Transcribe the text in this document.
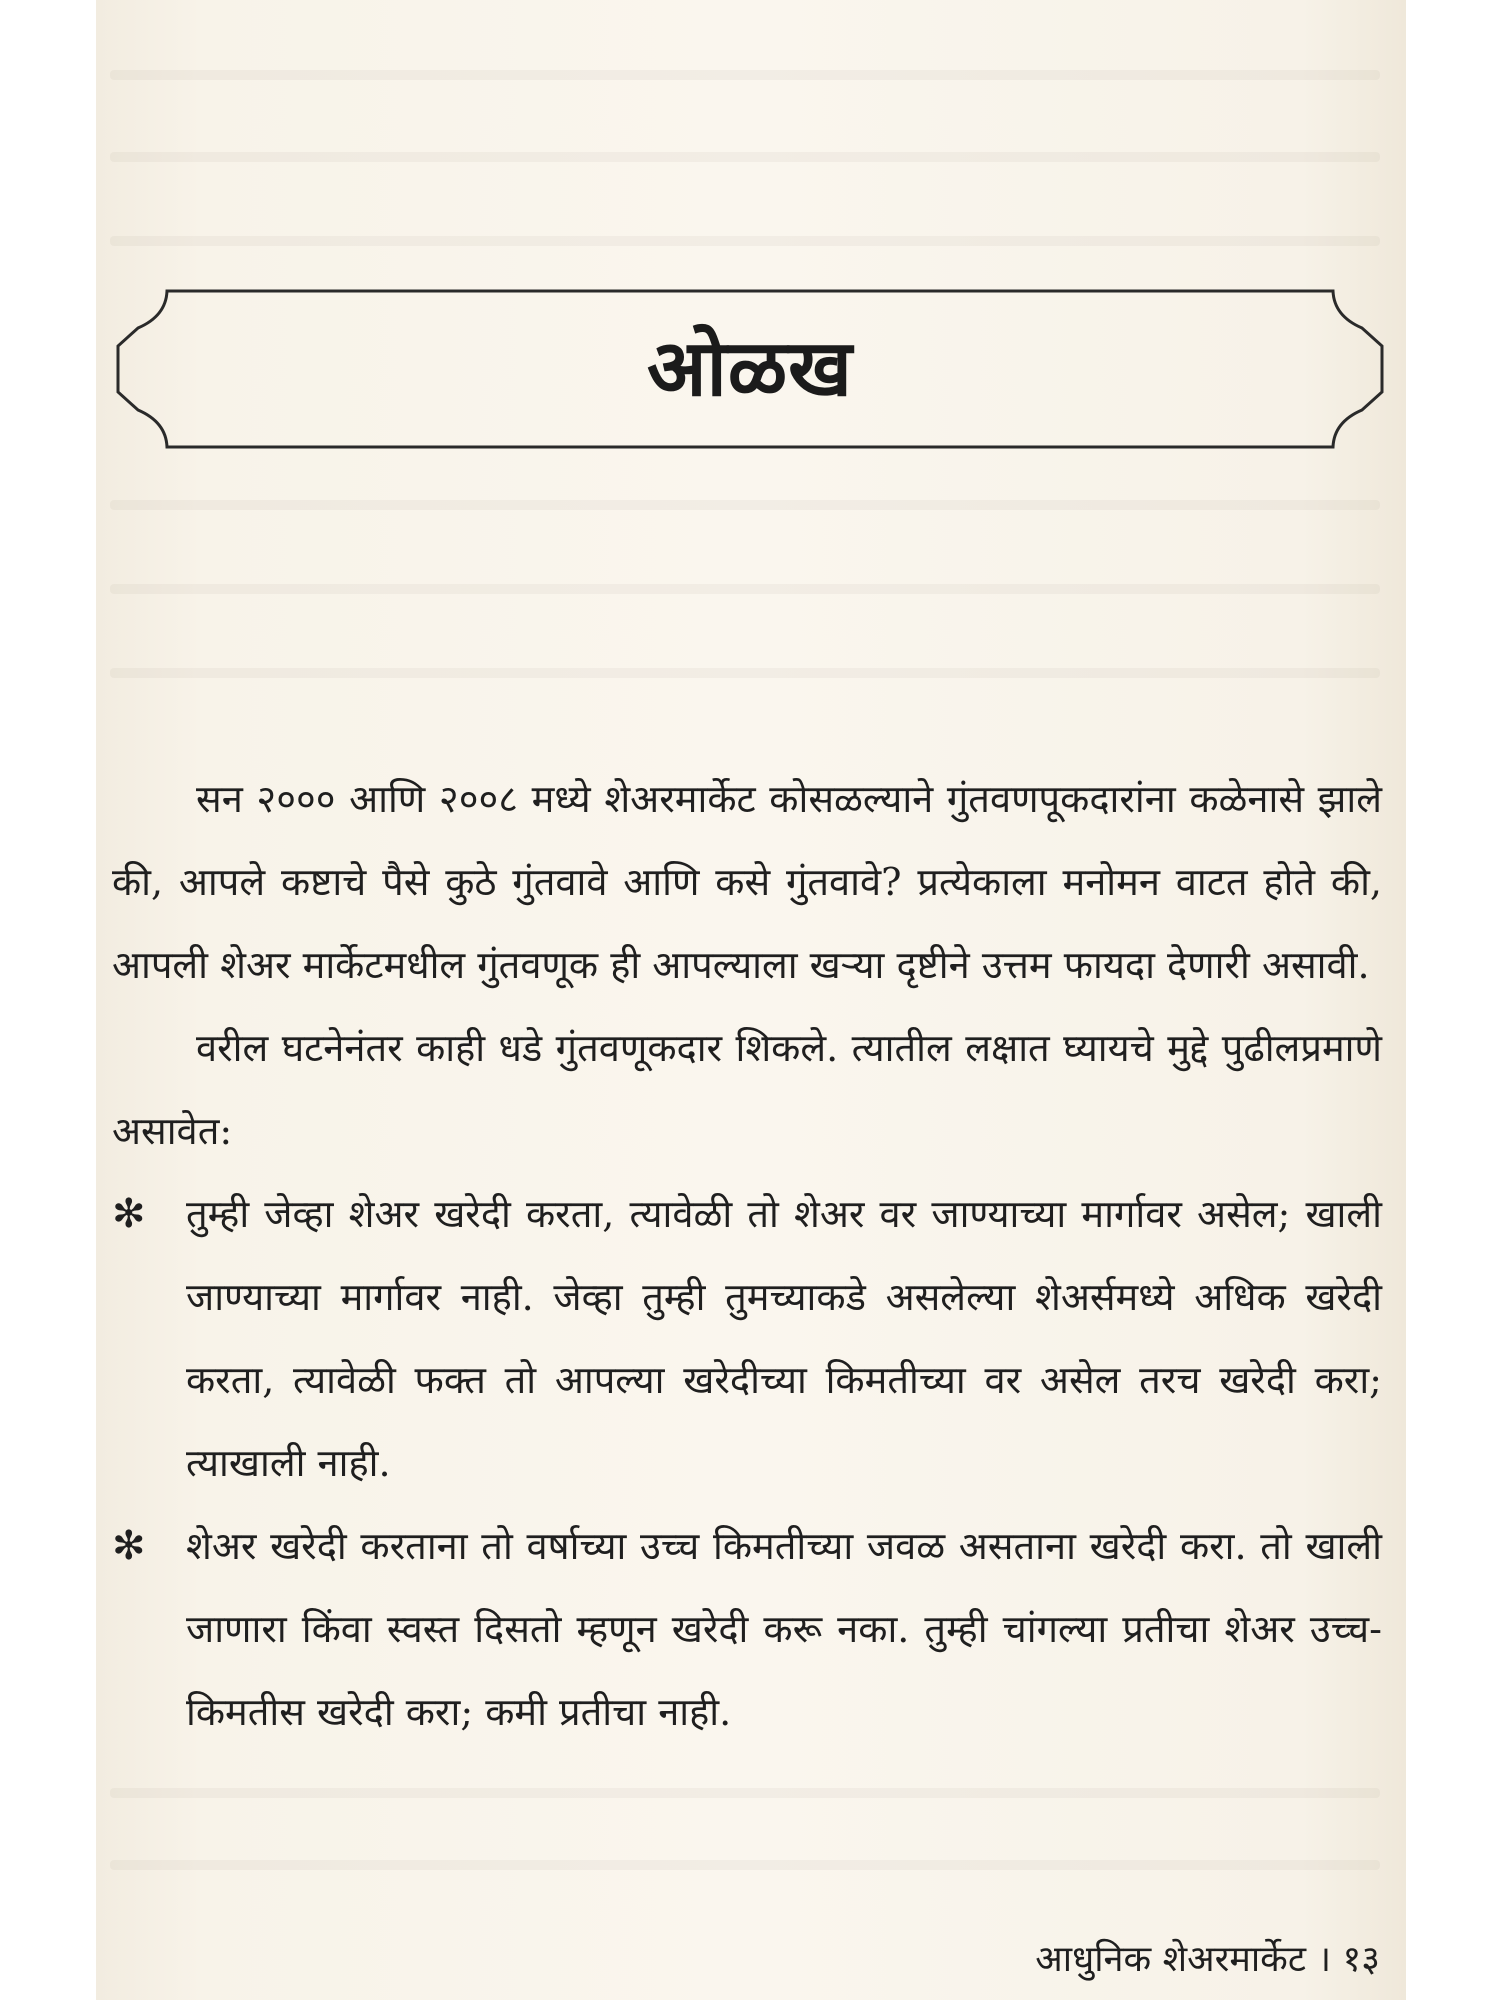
ओळख

सन २००० आणि २००८ मध्ये शेअरमार्केट कोसळल्याने गुंतवणपूकदारांना कळेनासे झाले की, आपले कष्टाचे पैसे कुठे गुंतवावे आणि कसे गुंतवावे? प्रत्येकाला मनोमन वाटत होते की, आपली शेअर मार्केटमधील गुंतवणूक ही आपल्याला खऱ्या दृष्टीने उत्तम फायदा देणारी असावी.

वरील घटनेनंतर काही धडे गुंतवणूकदार शिकले. त्यातील लक्षात घ्यायचे मुद्दे पुढीलप्रमाणे असावेत:

✻ तुम्ही जेव्हा शेअर खरेदी करता, त्यावेळी तो शेअर वर जाण्याच्या मार्गावर असेल; खाली जाण्याच्या मार्गावर नाही. जेव्हा तुम्ही तुमच्याकडे असलेल्या शेअर्समध्ये अधिक खरेदी करता, त्यावेळी फक्त तो आपल्या खरेदीच्या किमतीच्या वर असेल तरच खरेदी करा; त्याखाली नाही.
✻ शेअर खरेदी करताना तो वर्षाच्या उच्च किमतीच्या जवळ असताना खरेदी करा. तो खाली जाणारा किंवा स्वस्त दिसतो म्हणून खरेदी करू नका. तुम्ही चांगल्या प्रतीचा शेअर उच्च-किमतीस खरेदी करा; कमी प्रतीचा नाही.
आधुनिक शेअरमार्केट । १३
